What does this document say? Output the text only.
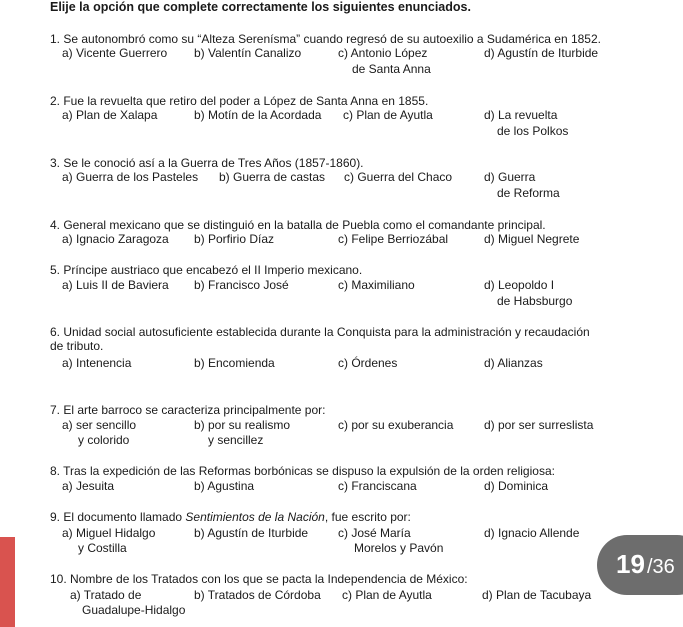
Elije la opción que complete correctamente los siguientes enunciados.
1. Se autonombró como su “Alteza Serenísma” cuando regresó de su autoexilio a Sudamérica en 1852.
a) Vicente Guerrero b) Valentín Canalizo	c) Antonio López
de Santa Anna
d) Agustín de Iturbide
2. Fue la revuelta que retiro del poder a López de Santa Anna en 1855.
a) Plan de Xalapa	b) Motín de la Acordada c) Plan de Ayutla	d) La revuelta
de los Polkos
3. Se le conoció así a la Guerra de Tres Años (1857-1860).
a) Guerra de los Pasteles b) Guerra de castas c) Guerra del Chaco	d) Guerra
de Reforma
4. General mexicano que se distinguió en la batalla de Puebla como el comandante principal.
a) Ignacio Zaragoza b) Porfirio Díaz	c) Felipe Berriozábal	d) Miguel Negrete
5. Príncipe austriaco que encabezó el II Imperio mexicano.
a) Luis II de Baviera b) Francisco José	c) Maximiliano	d) Leopoldo I
de Habsburgo
6. Unidad social autosuficiente establecida durante la Conquista para la administración y recaudación
de tributo.
a) Intenencia	b) Encomienda	c) Órdenes	d) Alianzas
7. El arte barroco se caracteriza principalmente por:
a) ser sencillo
y colorido
b) por su realismo
y sencillez
c) por su exuberancia	d) por ser surreslista
8. Tras la expedición de las Reformas borbónicas se dispuso la expulsión de la orden religiosa:
a) Jesuita	b) Agustina	c) Franciscana	d) Dominica
9. El documento llamado Sentimientos de la Nación, fue escrito por:
a) Miguel Hidalgo
y Costilla
b) Agustín de Iturbide c) José María
Morelos y Pavón
d) Ignacio Allende
10. Nombre de los Tratados con los que se pacta la Independencia de México:
a) Tratado de
Guadalupe-Hidalgo
b) Tratados de Córdoba c) Plan de Ayutla	d) Plan de Tacubaya
19 /36
